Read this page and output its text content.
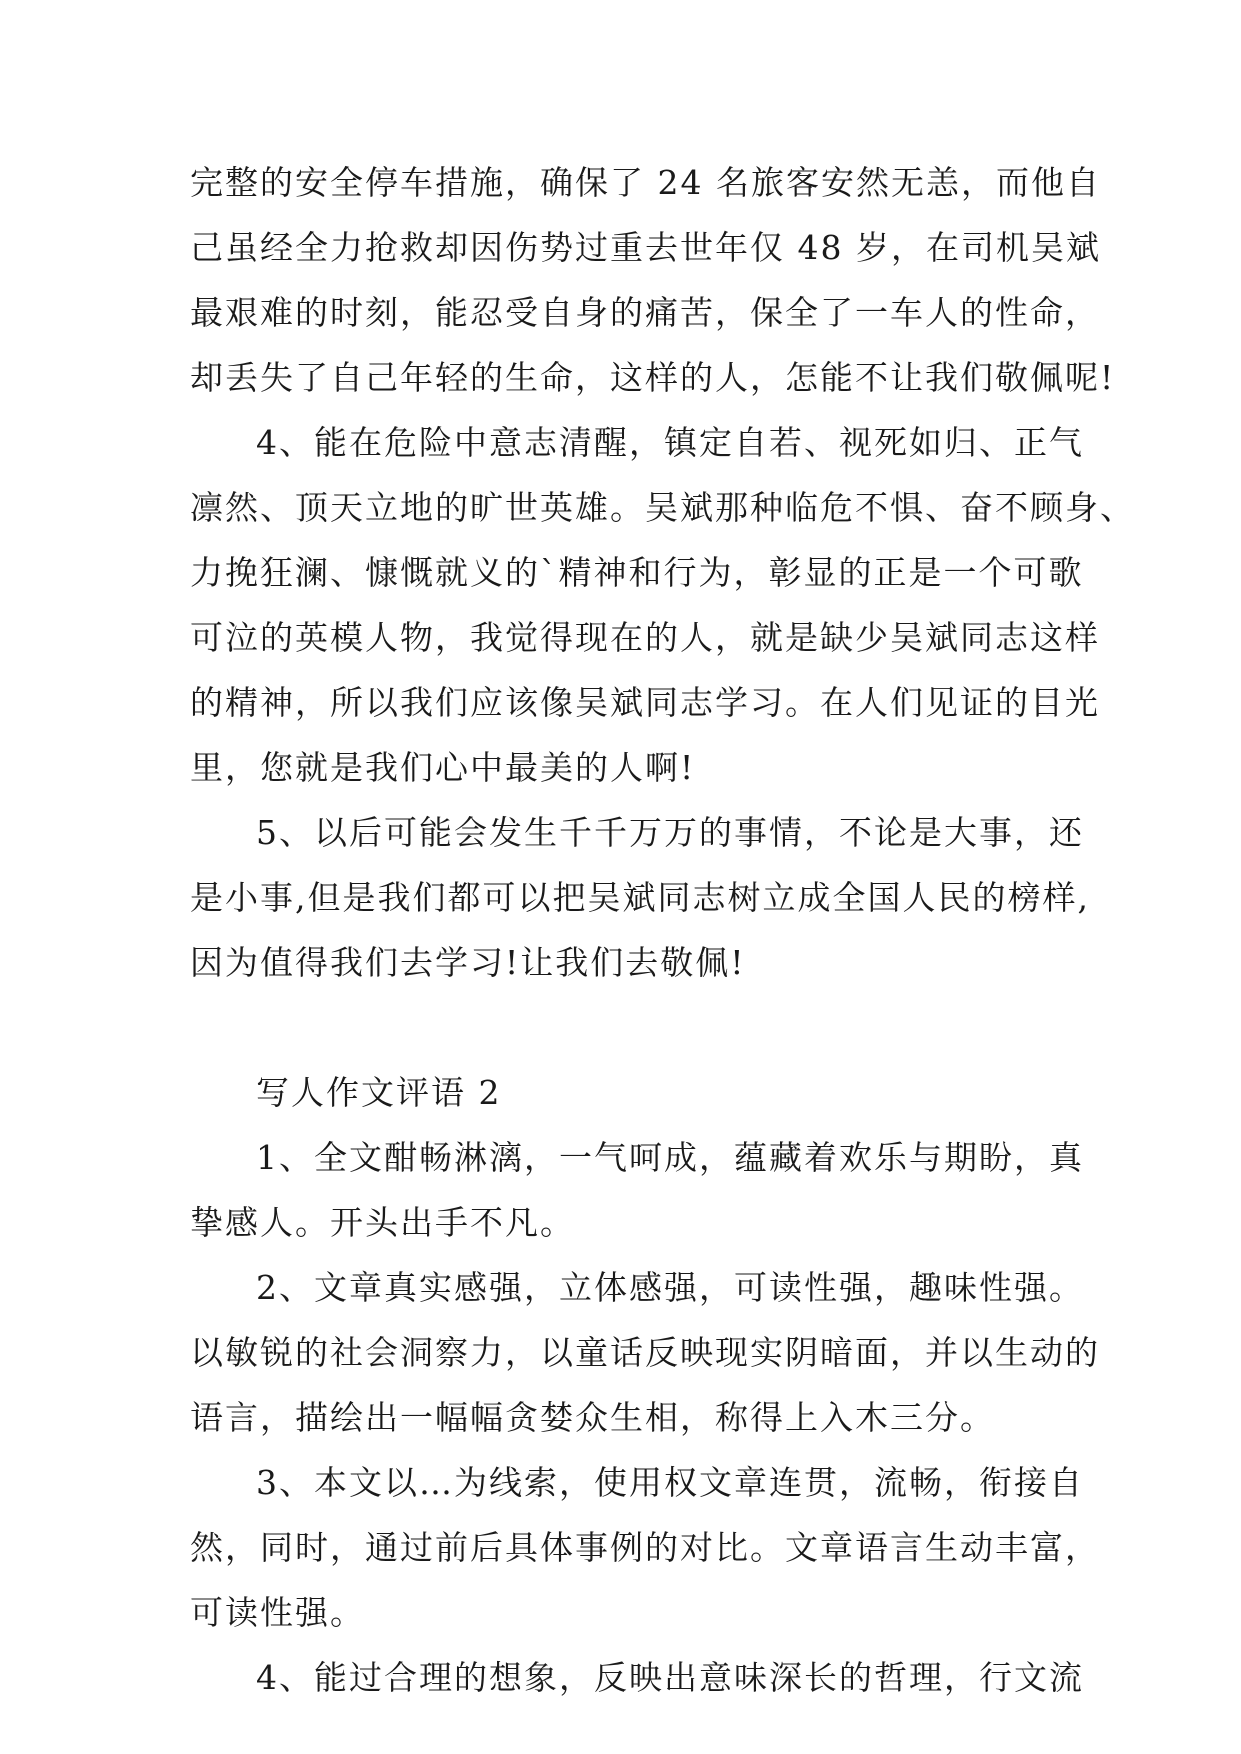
完整的安全停车措施，确保了 24 名旅客安然无恙，而他自
己虽经全力抢救却因伤势过重去世年仅 48 岁，在司机吴斌
最艰难的时刻，能忍受自身的痛苦，保全了一车人的性命，
却丢失了自己年轻的生命，这样的人，怎能不让我们敬佩呢!
4、能在危险中意志清醒，镇定自若、视死如归、正气
凛然、顶天立地的旷世英雄。吴斌那种临危不惧、奋不顾身、
力挽狂澜、慷慨就义的`精神和行为，彰显的正是一个可歌
可泣的英模人物，我觉得现在的人，就是缺少吴斌同志这样
的精神，所以我们应该像吴斌同志学习。在人们见证的目光
里，您就是我们心中最美的人啊!
5、以后可能会发生千千万万的事情，不论是大事，还
是小事,但是我们都可以把吴斌同志树立成全国人民的榜样,
因为值得我们去学习!让我们去敬佩!
写人作文评语 2
1、全文酣畅淋漓，一气呵成，蕴藏着欢乐与期盼，真
挚感人。开头出手不凡。
2、文章真实感强，立体感强，可读性强，趣味性强。
以敏锐的社会洞察力，以童话反映现实阴暗面，并以生动的
语言，描绘出一幅幅贪婪众生相，称得上入木三分。
3、本文以…为线索，使用权文章连贯，流畅，衔接自
然，同时，通过前后具体事例的对比。文章语言生动丰富，
可读性强。
4、能过合理的想象，反映出意味深长的哲理，行文流
